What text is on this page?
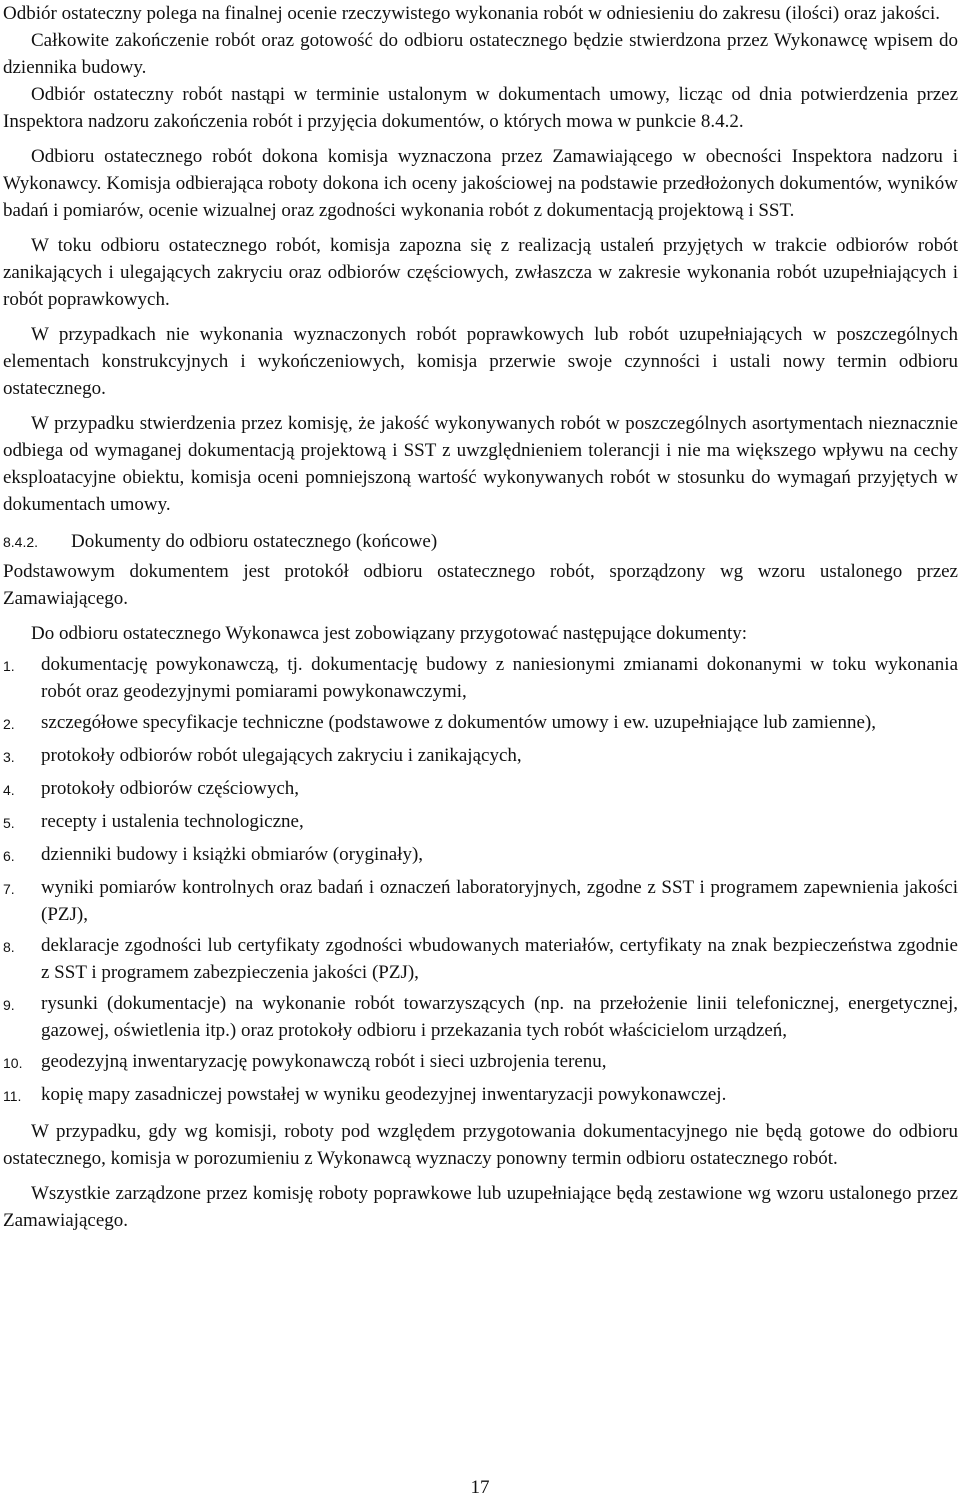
Odbiór ostateczny polega na finalnej ocenie rzeczywistego wykonania robót w odniesieniu do zakresu (ilości) oraz jakości.

Całkowite zakończenie robót oraz gotowość do odbioru ostatecznego będzie stwierdzona przez Wykonawcę wpisem do dziennika budowy.

Odbiór ostateczny robót nastąpi w terminie ustalonym w dokumentach umowy, licząc od dnia potwierdzenia przez Inspektora nadzoru zakończenia robót i przyjęcia dokumentów, o których mowa w punkcie 8.4.2.

Odbioru ostatecznego robót dokona komisja wyznaczona przez Zamawiającego w obecności Inspektora nadzoru i Wykonawcy. Komisja odbierająca roboty dokona ich oceny jakościowej na podstawie przedłożonych dokumentów, wyników badań i pomiarów, ocenie wizualnej oraz zgodności wykonania robót z dokumentacją projektową i SST.

W toku odbioru ostatecznego robót, komisja zapozna się z realizacją ustaleń przyjętych w trakcie odbiorów robót zanikających i ulegających zakryciu oraz odbiorów częściowych, zwłaszcza w zakresie wykonania robót uzupełniających i robót poprawkowych.

W przypadkach nie wykonania wyznaczonych robót poprawkowych lub robót uzupełniających w poszczególnych elementach konstrukcyjnych i wykończeniowych, komisja przerwie swoje czynności i ustali nowy termin odbioru ostatecznego.

W przypadku stwierdzenia przez komisję, że jakość wykonywanych robót w poszczególnych asortymentach nieznacznie odbiega od wymaganej dokumentacją projektową i SST z uwzględnieniem tolerancji i nie ma większego wpływu na cechy eksploatacyjne obiektu, komisja oceni pomniejszoną wartość wykonywanych robót w stosunku do wymagań przyjętych w dokumentach umowy.

8.4.2. Dokumenty do odbioru ostatecznego (końcowe)

Podstawowym dokumentem jest protokół odbioru ostatecznego robót, sporządzony wg wzoru ustalonego przez Zamawiającego.

Do odbioru ostatecznego Wykonawca jest zobowiązany przygotować następujące dokumenty:

1.	dokumentację powykonawczą, tj. dokumentację budowy z naniesionymi zmianami dokonanymi w toku wykonania robót oraz geodezyjnymi pomiarami powykonawczymi,
2.	szczegółowe specyfikacje techniczne (podstawowe z dokumentów umowy i ew. uzupełniające lub zamienne),
3.	protokoły odbiorów robót ulegających zakryciu i zanikających,
4.	protokoły odbiorów częściowych,
5.	recepty i ustalenia technologiczne,
6.	dzienniki budowy i książki obmiarów (oryginały),
7.	wyniki pomiarów kontrolnych oraz badań i oznaczeń laboratoryjnych, zgodne z SST i programem zapewnienia jakości (PZJ),
8.	deklaracje zgodności lub certyfikaty zgodności wbudowanych materiałów, certyfikaty na znak bezpieczeństwa zgodnie z SST i programem zabezpieczenia jakości (PZJ),
9.	rysunki (dokumentacje) na wykonanie robót towarzyszących (np. na przełożenie linii telefonicznej, energetycznej, gazowej, oświetlenia itp.) oraz protokoły odbioru i przekazania tych robót właścicielom urządzeń,
10. geodezyjną inwentaryzację powykonawczą robót i sieci uzbrojenia terenu,
11.	kopię mapy zasadniczej powstałej w wyniku geodezyjnej inwentaryzacji powykonawczej.

W przypadku, gdy wg komisji, roboty pod względem przygotowania dokumentacyjnego nie będą gotowe do odbioru ostatecznego, komisja w porozumieniu z Wykonawcą wyznaczy ponowny termin odbioru ostatecznego robót.

Wszystkie zarządzone przez komisję roboty poprawkowe lub uzupełniające będą zestawione wg wzoru ustalonego przez Zamawiającego.

17
